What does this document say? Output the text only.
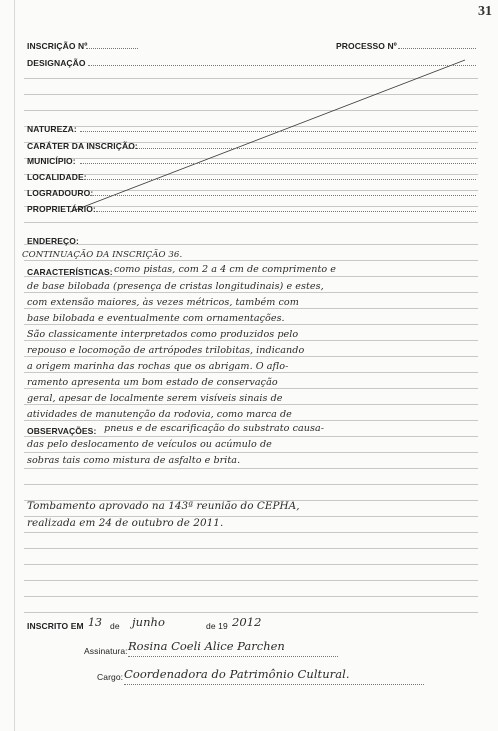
31
INSCRIÇÃO Nº	PROCESSO Nº
DESIGNAÇÃO
NATUREZA:
CARÁTER DA INSCRIÇÃO:
MUNICÍPIO:
LOCALIDADE:
LOGRADOURO:
PROPRIETÁRIO:
ENDEREÇO:
CONTINUAÇÃO DA INSCRIÇÃO 36.
CARACTERÍSTICAS: como pistas, com 2 a 4 cm de comprimento e
de base bilobada (presença de cristas longitudinais) e estes,
com extensão maiores, às vezes métricos, também com
base bilobada e eventualmente com ornamentações.
São classicamente interpretados como produzidos pelo
repouso e locomoção de artrópodes trilobitas, indicando
a origem marinha das rochas que os abrigam. O aflo-
ramento apresenta um bom estado de conservação
geral, apesar de localmente serem visíveis sinais de
atividades de manutenção da rodovia, como marca de
OBSERVAÇÕES: pneus e de escarificação do substrato causa-
das pelo deslocamento de veículos ou acúmulo de
sobras tais como mistura de asfalto e brita.
Tombamento aprovado na 143ª reunião do CEPHA,
realizada em 24 de outubro de 2011.
INSCRITO EM 13 de junho	de 19 2012
Assinatura: Rosina Coeli Alice Parchen
Cargo: Coordenadora do Patrimônio Cultural.
